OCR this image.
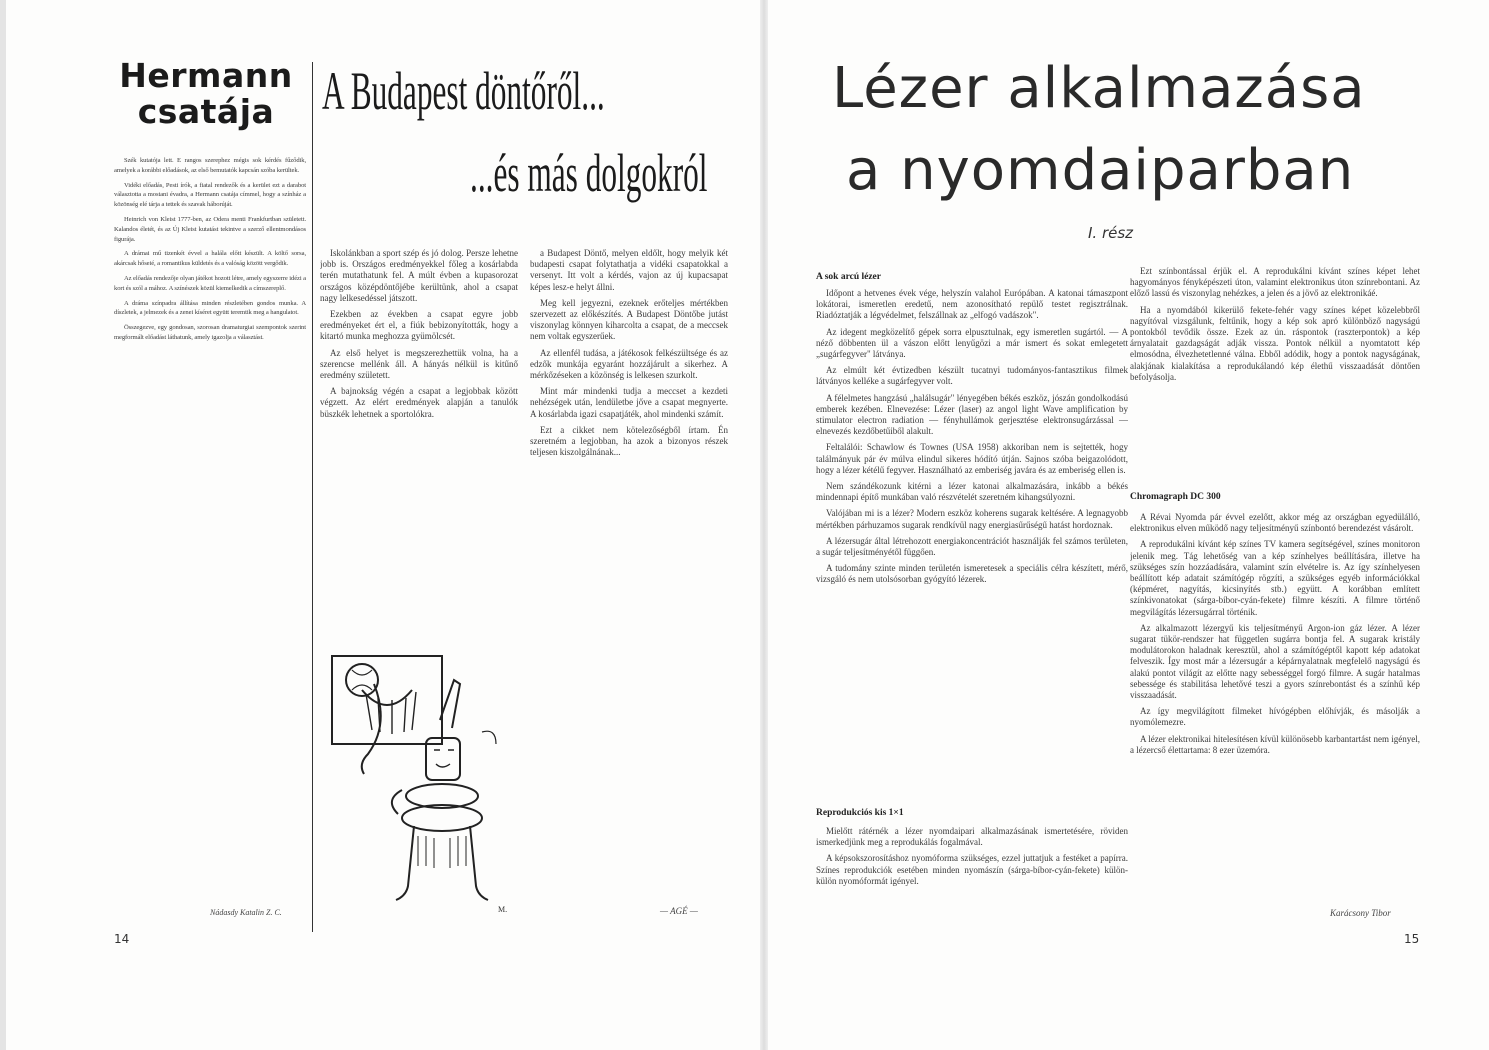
Hermann
csatája A Budapest döntőről...
...és más dolgokról

Szék kutatója lett. E rangos szerephez mégis sok kérdés fűződik, amelyek a korábbi előadások, az első bemutatók kapcsán szóba kerültek.

Vidéki előadás, Pesti írók, a fiatal rendezők és a kerület ezt a darabot választotta a mostani évadra, a Hermann csatája címmel, hogy a színház a közönség elé tárja a tettek és szavak háborúját.

Heinrich von Kleist 1777-ben, az Odera menti Frankfurtban született. Kalandos életét, és az Új Kleist kutatást tekintve a szerző ellentmondásos figurája.

A drámai mű tizenkét évvel a halála előtt készült. A költő sorsa, akárcsak hőseié, a romantikus küldetés és a valóság között vergődik.

Az előadás rendezője olyan játékot hozott létre, amely egyszerre idézi a kort és szól a mához. A színészek közül kiemelkedik a címszereplő.

A dráma színpadra állítása minden részletében gondos munka. A díszletek, a jelmezek és a zenei kíséret együtt teremtik meg a hangulatot.

Összegezve, egy gondosan, szorosan dramaturgiai szempontok szerint megformált előadást láthatunk, amely igazolja a választást.

Nádasdy Katalin Z. C.

Iskolánkban a sport szép és jó dolog. Persze lehetne jobb is. Országos eredményekkel főleg a kosárlabda terén mutathatunk fel. A múlt évben a kupasorozat országos középdöntőjébe kerültünk, ahol a csapat nagy lelkesedéssel játszott.

Ezekben az években a csapat egyre jobb eredményeket ért el, a fiúk bebizonyították, hogy a kitartó munka meghozza gyümölcsét.

Az első helyet is megszerezhettük volna, ha a szerencse mellénk áll. A hányás nélkül is kitűnő eredmény született.

A bajnokság végén a csapat a legjobbak között végzett. Az elért eredmények alapján a tanulók büszkék lehetnek a sportolókra.

a Budapest Döntő, melyen eldőlt, hogy melyik két budapesti csapat folytathatja a vidéki csapatokkal a versenyt. Itt volt a kérdés, vajon az új kupacsapat képes lesz-e helyt állni.

Meg kell jegyezni, ezeknek erőteljes mértékben szervezett az előkészítés. A Budapest Döntőbe jutást viszonylag könnyen kiharcolta a csapat, de a meccsek nem voltak egyszerűek.

Az ellenfél tudása, a játékosok felkészültsége és az edzők munkája egyaránt hozzájárult a sikerhez. A mérkőzéseken a közönség is lelkesen szurkolt.

Mint már mindenki tudja a meccset a kezdeti nehézségek után, lendületbe jőve a csapat megnyerte. A kosárlabda igazi csapatjáték, ahol mindenki számít.

Ezt a cikket nem kötelezőségből írtam. Én szeretném a legjobban, ha azok a bizonyos részek teljesen kiszolgálnának...

— AGÉ —
M.
14
Lézer alkalmazása
a nyomdaiparban
I. rész
A sok arcú lézer

Időpont a hetvenes évek vége, helyszín valahol Európában. A katonai támaszpont lokátorai, ismeretlen eredetű, nem azonosítható repülő testet regisztrálnak. Riadóztatják a légvédelmet, felszállnak az „elfogó vadászok".

Az idegent megközelítő gépek sorra elpusztulnak, egy ismeretlen sugártól. — A néző döbbenten ül a vászon előtt lenyűgözi a már ismert és sokat emlegetett „sugárfegyver" látványa.

Az elmúlt két évtizedben készült tucatnyi tudományos-fantasztikus filmek látványos kelléke a sugárfegyver volt.

A félelmetes hangzású „halálsugár" lényegében békés eszköz, jószán gondolkodású emberek kezében. Elnevezése: Lézer (laser) az angol light Wave amplification by stimulator electron radiation — fényhullámok gerjesztése elektronsugárzással — elnevezés kezdőbetűiből alakult.

Feltalálói: Schawlow és Townes (USA 1958) akkoriban nem is sejtették, hogy találmányuk pár év múlva elindul sikeres hódító útján. Sajnos szóba beigazolódott, hogy a lézer kétélű fegyver. Használható az emberiség javára és az emberiség ellen is.

Nem szándékozunk kitérni a lézer katonai alkalmazására, inkább a békés mindennapi építő munkában való részvételét szeretném kihangsúlyozni.

Valójában mi is a lézer? Modern eszköz koherens sugarak keltésére. A legnagyobb mértékben párhuzamos sugarak rendkívül nagy energiasűrűségű hatást hordoznak.

A lézersugár által létrehozott energiakoncentrációt használják fel számos területen, a sugár teljesítményétől függően.

A tudomány szinte minden területén ismeretesek a speciális célra készített, mérő, vizsgáló és nem utolsósorban gyógyító lézerek.

Reprodukciós kis 1×1

Mielőtt rátérnék a lézer nyomdaipari alkalmazásának ismertetésére, röviden ismerkedjünk meg a reprodukálás fogalmával.

A képsokszorosításhoz nyomóforma szükséges, ezzel juttatjuk a festéket a papírra. Színes reprodukciók esetében minden nyomászín (sárga-bíbor-cyán-fekete) külön-külön nyomóformát igényel.

Ezt színbontással érjük el. A reprodukálni kívánt színes képet lehet hagyományos fényképészeti úton, valamint elektronikus úton színrebontani. Az előző lassú és viszonylag nehézkes, a jelen és a jövő az elektronikáé.

Ha a nyomdából kikerülő fekete-fehér vagy színes képet közelebbről nagyítóval vizsgálunk, feltűnik, hogy a kép sok apró különböző nagyságú pontokból tevődik össze. Ezek az ún. ráspontok (raszterpontok) a kép árnyalatait gazdagságát adják vissza. Pontok nélkül a nyomtatott kép elmosódna, élvezhetetlenné válna. Ebből adódik, hogy a pontok nagyságának, alakjának kialakítása a reprodukálandó kép élethű visszaadását döntően befolyásolja.

Chromagraph DC 300

A Révai Nyomda pár évvel ezelőtt, akkor még az országban egyedülálló, elektronikus elven működő nagy teljesítményű színbontó berendezést vásárolt.

A reprodukálni kívánt kép színes TV kamera segítségével, színes monitoron jelenik meg. Tág lehetőség van a kép színhelyes beállítására, illetve ha szükséges szín hozzáadására, valamint szín elvételre is. Az így színhelyesen beállított kép adatait számítógép rögzíti, a szükséges egyéb információkkal (képméret, nagyítás, kicsinyítés stb.) együtt. A korábban említett színkivonatokat (sárga-bíbor-cyán-fekete) filmre készíti. A filmre történő megvilágítás lézersugárral történik.

Az alkalmazott lézergyű kis teljesítményű Argon-ion gáz lézer. A lézer sugarat tükör-rendszer hat független sugárra bontja fel. A sugarak kristály modulátorokon haladnak keresztül, ahol a számítógéptől kapott kép adatokat felveszik. Így most már a lézersugár a képárnyalatnak megfelelő nagyságú és alakú pontot világít az előtte nagy sebességgel forgó filmre. A sugár hatalmas sebessége és stabilitása lehetővé teszi a gyors színrebontást és a színhű kép visszaadását.

Az így megvilágított filmeket hívógépben előhívják, és másolják a nyomólemezre.

A lézer elektronikai hitelesítésen kívül különösebb karbantartást nem igényel, a lézercső élettartama: 8 ezer üzemóra.

Karácsony Tibor
15
